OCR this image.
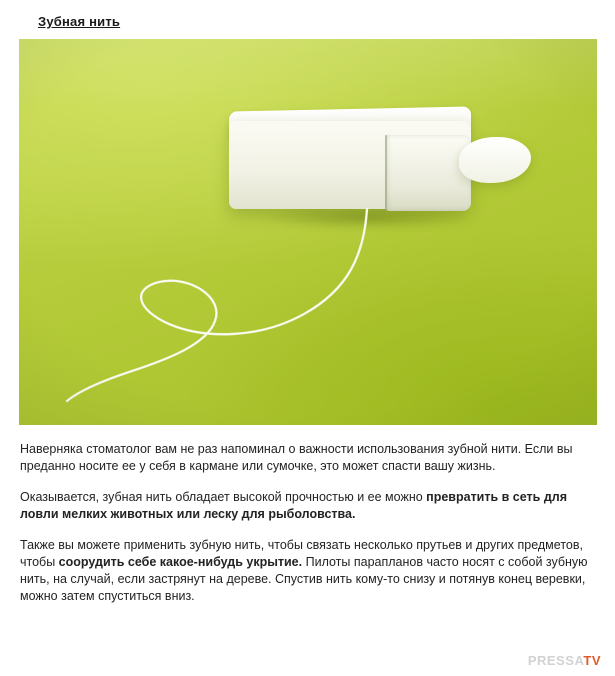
Зубная нить

Наверняка стоматолог вам не раз напоминал о важности использования зубной нити. Если вы преданно носите ее у себя в кармане или сумочке, это может спасти вашу жизнь.

Оказывается, зубная нить обладает высокой прочностью и ее можно превратить в сеть для ловли мелких животных или леску для рыболовства.

Также вы можете применить зубную нить, чтобы связать несколько прутьев и других предметов, чтобы соорудить себе какое-нибудь укрытие. Пилоты парапланов часто носят с собой зубную нить, на случай, если застрянут на дереве. Спустив нить кому-то снизу и потянув конец веревки, можно затем спуститься вниз.

PRESSATV
